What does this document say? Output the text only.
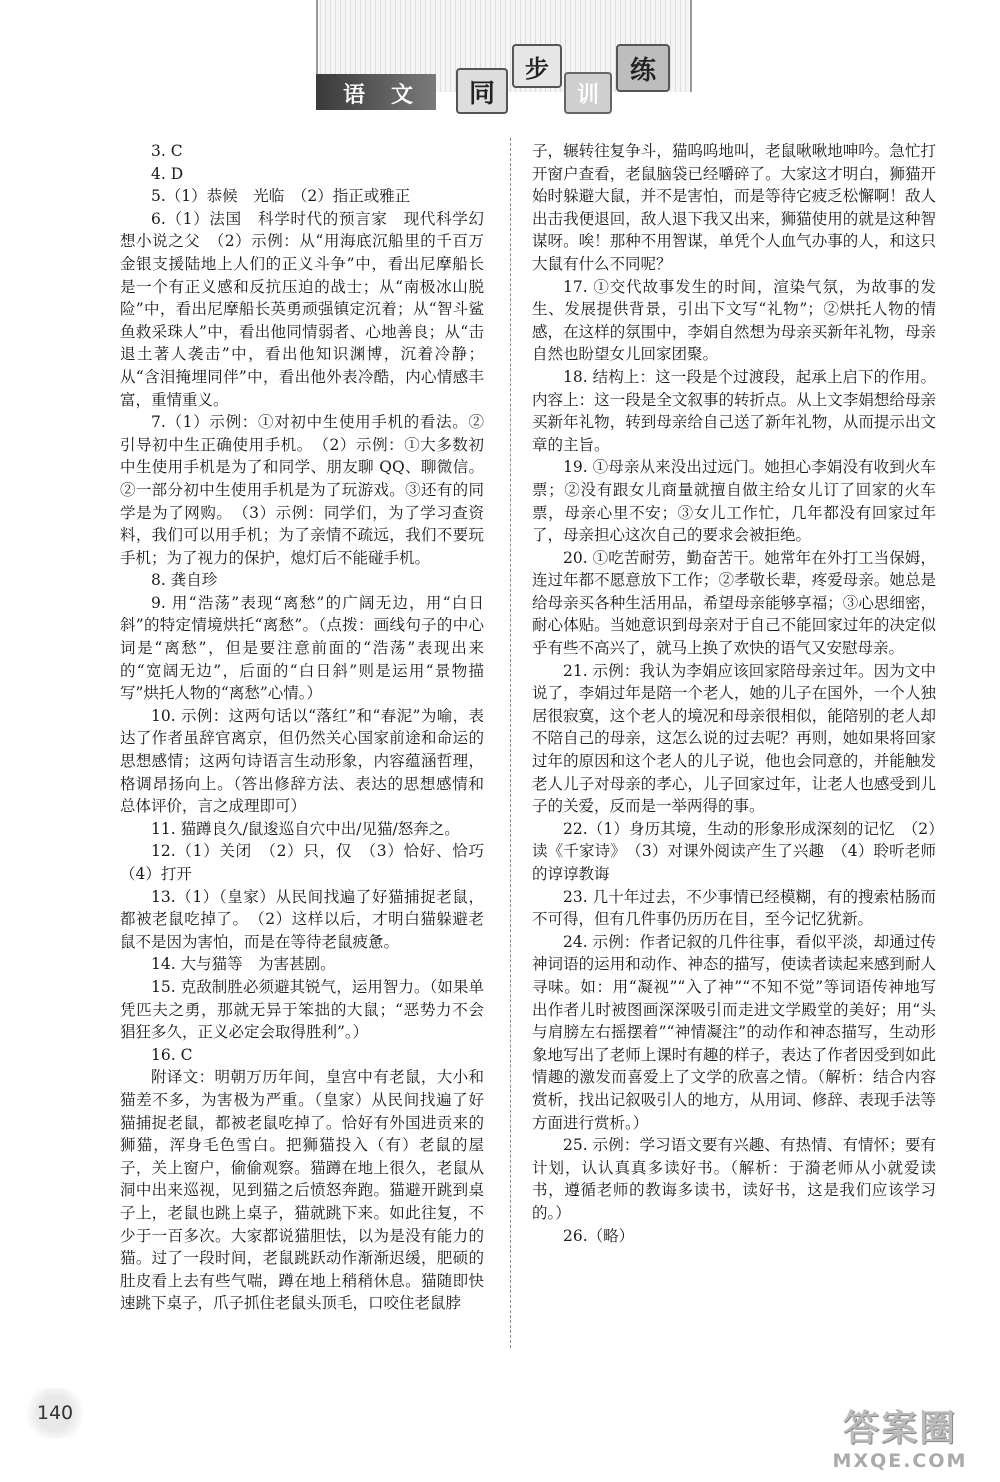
语 文	同
步
训
练

3. C

4. D

5.（1）恭候　光临　（2）指正或雅正

6.（1）法国　科学时代的预言家　现代科学幻想小说之父　（2）示例：从“用海底沉船里的千百万金银支援陆地上人们的正义斗争”中，看出尼摩船长是一个有正义感和反抗压迫的战士；从“南极冰山脱险”中，看出尼摩船长英勇顽强镇定沉着；从“智斗鲨鱼救采珠人”中，看出他同情弱者、心地善良；从“击退土著人袭击”中，看出他知识渊博，沉着冷静；从“含泪掩埋同伴”中，看出他外表冷酷，内心情感丰富，重情重义。

7.（1）示例：①对初中生使用手机的看法。②引导初中生正确使用手机。　（2）示例：①大多数初中生使用手机是为了和同学、朋友聊 QQ、聊微信。②一部分初中生使用手机是为了玩游戏。③还有的同学是为了网购。　（3）示例：同学们，为了学习查资料，我们可以用手机；为了亲情不疏远，我们不要玩手机；为了视力的保护，熄灯后不能碰手机。

8. 龚自珍

9. 用“浩荡”表现“离愁”的广阔无边，用“白日斜”的特定情境烘托“离愁”。（点拨：画线句子的中心词是“离愁”，但是要注意前面的“浩荡”表现出来的“宽阔无边”，后面的“白日斜”则是运用“景物描写”烘托人物的“离愁”心情。）

10. 示例：这两句话以“落红”和“春泥”为喻，表达了作者虽辞官离京，但仍然关心国家前途和命运的思想感情；这两句诗语言生动形象，内容蕴涵哲理，格调昂扬向上。（答出修辞方法、表达的思想感情和总体评价，言之成理即可）

11. 猫蹲良久/鼠逡巡自穴中出/见猫/怒奔之。

12.（1）关闭　（2）只，仅　（3）恰好、恰巧　（4）打开

13.（1）（皇家）从民间找遍了好猫捕捉老鼠，都被老鼠吃掉了。　（2）这样以后，才明白猫躲避老鼠不是因为害怕，而是在等待老鼠疲惫。

14. 大与猫等　为害甚剧。

15. 克敌制胜必须避其锐气，运用智力。（如果单凭匹夫之勇，那就无异于笨拙的大鼠；“恶势力不会猖狂多久，正义必定会取得胜利”。）

16. C

附译文：明朝万历年间，皇宫中有老鼠，大小和猫差不多，为害极为严重。（皇家）从民间找遍了好猫捕捉老鼠，都被老鼠吃掉了。恰好有外国进贡来的狮猫，浑身毛色雪白。把狮猫投入（有）老鼠的屋子，关上窗户，偷偷观察。猫蹲在地上很久，老鼠从洞中出来巡视，见到猫之后愤怒奔跑。猫避开跳到桌子上，老鼠也跳上桌子，猫就跳下来。如此往复，不少于一百多次。大家都说猫胆怯，以为是没有能力的猫。过了一段时间，老鼠跳跃动作渐渐迟缓，肥硕的肚皮看上去有些气喘，蹲在地上稍稍休息。猫随即快速跳下桌子，爪子抓住老鼠头顶毛，口咬住老鼠脖

子，辗转往复争斗，猫呜呜地叫，老鼠啾啾地呻吟。急忙打开窗户查看，老鼠脑袋已经嚼碎了。大家这才明白，狮猫开始时躲避大鼠，并不是害怕，而是等待它疲乏松懈啊！敌人出击我便退回，敌人退下我又出来，狮猫使用的就是这种智谋呀。唉！那种不用智谋，单凭个人血气办事的人，和这只大鼠有什么不同呢？

17. ①交代故事发生的时间，渲染气氛，为故事的发生、发展提供背景，引出下文写“礼物”；②烘托人物的情感，在这样的氛围中，李娟自然想为母亲买新年礼物，母亲自然也盼望女儿回家团聚。

18. 结构上：这一段是个过渡段，起承上启下的作用。内容上：这一段是全文叙事的转折点。从上文李娟想给母亲买新年礼物，转到母亲给自己送了新年礼物，从而提示出文章的主旨。

19. ①母亲从来没出过远门。她担心李娟没有收到火车票；②没有跟女儿商量就擅自做主给女儿订了回家的火车票，母亲心里不安；③女儿工作忙，几年都没有回家过年了，母亲担心这次自己的要求会被拒绝。

20. ①吃苦耐劳，勤奋苦干。她常年在外打工当保姆，连过年都不愿意放下工作；②孝敬长辈，疼爱母亲。她总是给母亲买各种生活用品，希望母亲能够享福；③心思细密，耐心体贴。当她意识到母亲对于自己不能回家过年的决定似乎有些不高兴了，就马上换了欢快的语气又安慰母亲。

21. 示例：我认为李娟应该回家陪母亲过年。因为文中说了，李娟过年是陪一个老人，她的儿子在国外，一个人独居很寂寞，这个老人的境况和母亲很相似，能陪别的老人却不陪自己的母亲，这怎么说的过去呢？再则，她如果将回家过年的原因和这个老人的儿子说，他也会同意的，并能触发老人儿子对母亲的孝心，儿子回家过年，让老人也感受到儿子的关爱，反而是一举两得的事。

22.（1）身历其境，生动的形象形成深刻的记忆　（2）读《千家诗》　（3）对课外阅读产生了兴趣　（4）聆听老师的谆谆教诲

23. 几十年过去，不少事情已经模糊，有的搜索枯肠而不可得，但有几件事仍历历在目，至今记忆犹新。

24. 示例：作者记叙的几件往事，看似平淡，却通过传神词语的运用和动作、神态的描写，使读者读起来感到耐人寻味。如：用“凝视”“入了神”“不知不觉”等词语传神地写出作者儿时被图画深深吸引而走进文学殿堂的美好；用“头与肩膀左右摇摆着”“神情凝注”的动作和神态描写，生动形象地写出了老师上课时有趣的样子，表达了作者因受到如此情趣的激发而喜爱上了文学的欣喜之情。（解析：结合内容赏析，找出记叙吸引人的地方，从用词、修辞、表现手法等方面进行赏析。）

25. 示例：学习语文要有兴趣、有热情、有情怀；要有计划，认认真真多读好书。（解析：于漪老师从小就爱读书，遵循老师的教诲多读书，读好书，这是我们应该学习的。）

26.（略）

140	答案圈
MXQE.COM
